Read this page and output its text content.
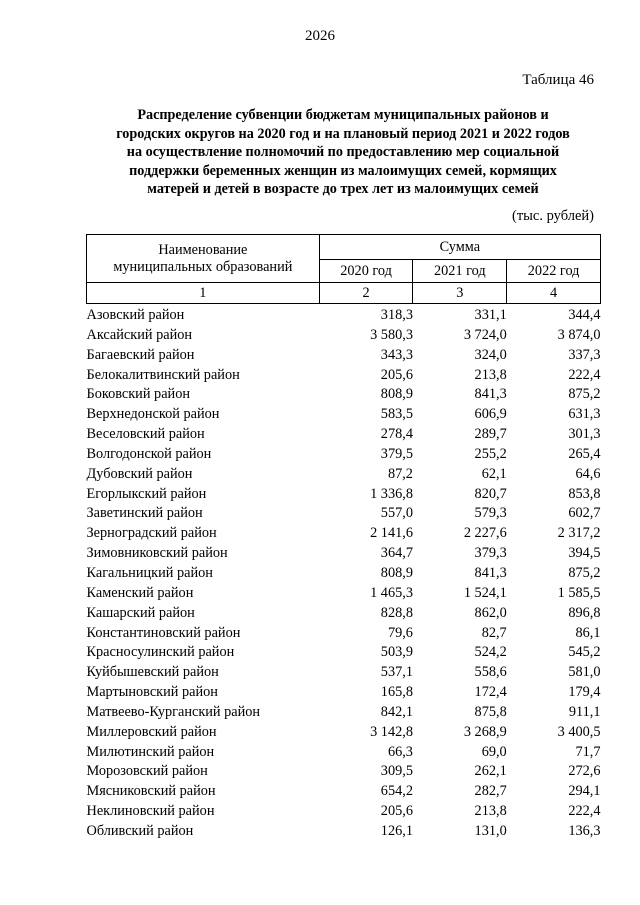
2026
Таблица 46
Распределение субвенции бюджетам муниципальных районов и
городских округов на 2020 год и на плановый период 2021 и 2022 годов
на осуществление полномочий по предоставлению мер социальной
поддержки беременных женщин из малоимущих семей, кормящих
матерей и детей в возрасте до трех лет из малоимущих семей
(тыс. рублей)
Наименование
муниципальных образований	Сумма		
	2020 год	2021 год	2022 год
1	2	3	4
Азовский район	318,3	331,1	344,4
Аксайский район	3 580,3	3 724,0	3 874,0
Багаевский район	343,3	324,0	337,3
Белокалитвинский район	205,6	213,8	222,4
Боковский район	808,9	841,3	875,2
Верхнедонской район	583,5	606,9	631,3
Веселовский район	278,4	289,7	301,3
Волгодонской район	379,5	255,2	265,4
Дубовский район	87,2	62,1	64,6
Егорлыкский район	1 336,8	820,7	853,8
Заветинский район	557,0	579,3	602,7
Зерноградский район	2 141,6	2 227,6	2 317,2
Зимовниковский район	364,7	379,3	394,5
Кагальницкий район	808,9	841,3	875,2
Каменский район	1 465,3	1 524,1	1 585,5
Кашарский район	828,8	862,0	896,8
Константиновский район	79,6	82,7	86,1
Красносулинский район	503,9	524,2	545,2
Куйбышевский район	537,1	558,6	581,0
Мартыновский район	165,8	172,4	179,4
Матвеево-Курганский район	842,1	875,8	911,1
Миллеровский район	3 142,8	3 268,9	3 400,5
Милютинский район	66,3	69,0	71,7
Морозовский район	309,5	262,1	272,6
Мясниковский район	654,2	282,7	294,1
Неклиновский район	205,6	213,8	222,4
Обливский район	126,1	131,0	136,3
